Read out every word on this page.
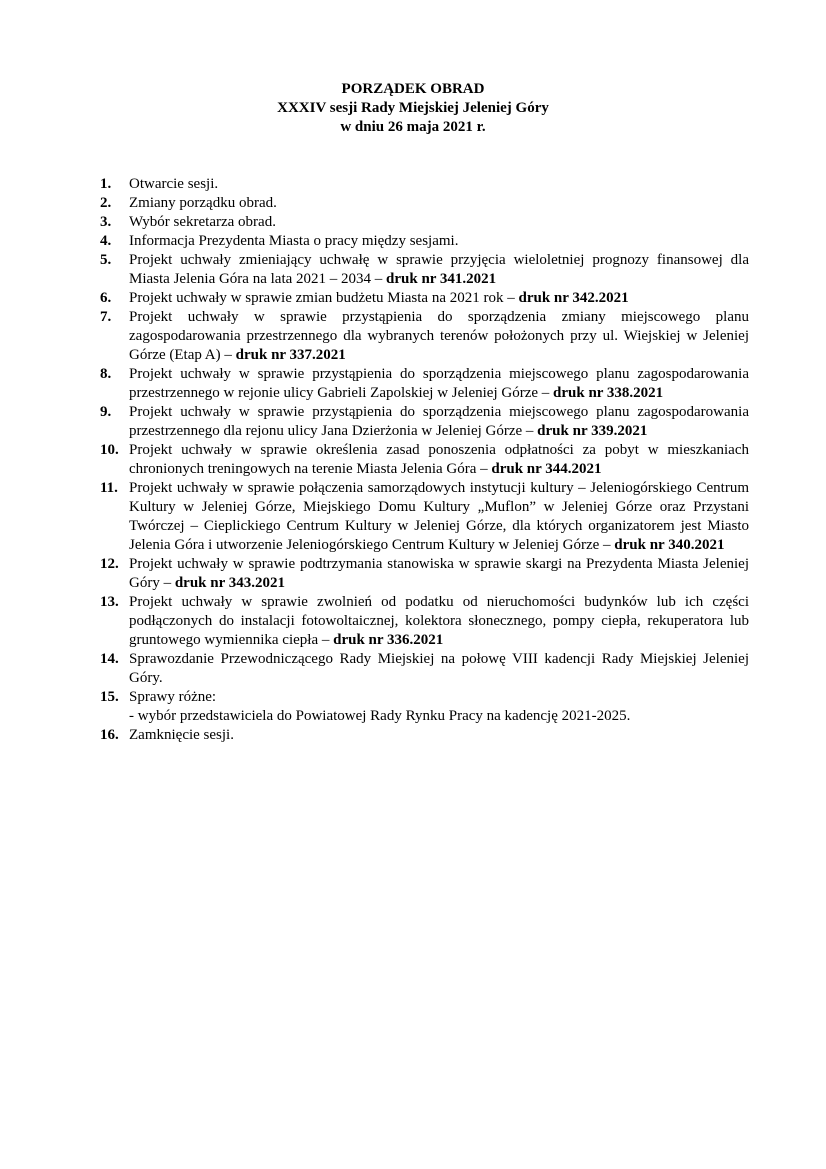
PORZĄDEK OBRAD
XXXIV sesji Rady Miejskiej Jeleniej Góry
w dniu 26 maja 2021 r.
1. Otwarcie sesji.
2. Zmiany porządku obrad.
3. Wybór sekretarza obrad.
4. Informacja Prezydenta Miasta o pracy między sesjami.
5. Projekt uchwały zmieniający uchwałę w sprawie przyjęcia wieloletniej prognozy finansowej dla Miasta Jelenia Góra na lata 2021 – 2034 – druk nr 341.2021
6. Projekt uchwały w sprawie zmian budżetu Miasta na 2021 rok – druk nr 342.2021
7. Projekt uchwały w sprawie przystąpienia do sporządzenia zmiany miejscowego planu zagospodarowania przestrzennego dla wybranych terenów położonych przy ul. Wiejskiej w Jeleniej Górze (Etap A) – druk nr 337.2021
8. Projekt uchwały w sprawie przystąpienia do sporządzenia miejscowego planu zagospodarowania przestrzennego w rejonie ulicy Gabrieli Zapolskiej w Jeleniej Górze – druk nr 338.2021
9. Projekt uchwały w sprawie przystąpienia do sporządzenia miejscowego planu zagospodarowania przestrzennego dla rejonu ulicy Jana Dzierżonia w Jeleniej Górze – druk nr 339.2021
10. Projekt uchwały w sprawie określenia zasad ponoszenia odpłatności za pobyt w mieszkaniach chronionych treningowych na terenie Miasta Jelenia Góra – druk nr 344.2021
11. Projekt uchwały w sprawie połączenia samorządowych instytucji kultury – Jeleniogórskiego Centrum Kultury w Jeleniej Górze, Miejskiego Domu Kultury „Muflon” w Jeleniej Górze oraz Przystani Twórczej – Cieplickiego Centrum Kultury w Jeleniej Górze, dla których organizatorem jest Miasto Jelenia Góra i utworzenie Jeleniogórskiego Centrum Kultury w Jeleniej Górze – druk nr 340.2021
12. Projekt uchwały w sprawie podtrzymania stanowiska w sprawie skargi na Prezydenta Miasta Jeleniej Góry – druk nr 343.2021
13. Projekt uchwały w sprawie zwolnień od podatku od nieruchomości budynków lub ich części podłączonych do instalacji fotowoltaicznej, kolektora słonecznego, pompy ciepła, rekuperatora lub gruntowego wymiennika ciepła – druk nr 336.2021
14. Sprawozdanie Przewodniczącego Rady Miejskiej na połowę VIII kadencji Rady Miejskiej Jeleniej Góry.
15. Sprawy różne:
- wybór przedstawiciela do Powiatowej Rady Rynku Pracy na kadencję 2021-2025.
16. Zamknięcie sesji.
